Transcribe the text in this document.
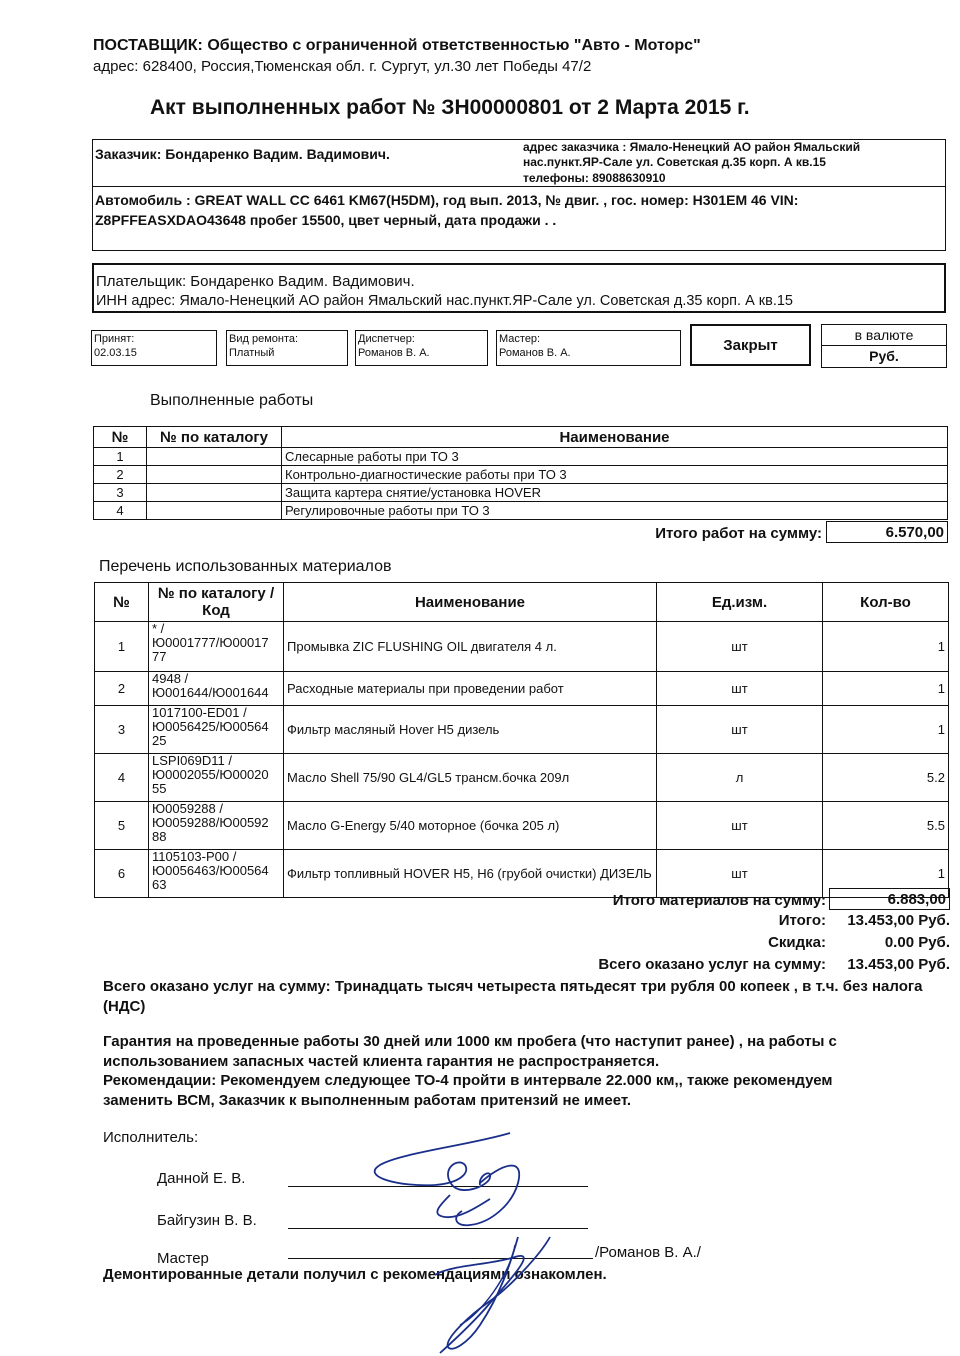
ПОСТАВЩИК: Общество с ограниченной ответственностью "Авто - Моторс"
адрес: 628400, Россия,Тюменская обл. г. Сургут, ул.30 лет Победы 47/2
Акт выполненных работ № ЗН00000801 от 2 Марта 2015 г.
Заказчик: Бондаренко Вадим. Вадимович.	адрес заказчика : Ямало-Ненецкий АО район Ямальский
нас.пункт.ЯР-Сале ул. Советская д.35 корп. А кв.15
телефоны: 89088630910
Автомобиль : GREAT WALL CC 6461 KM67(H5DM), год вып. 2013, № двиг. , гос. номер: Н301ЕМ 46 VIN:
Z8PFFEASXDAO43648 пробег 15500, цвет черный, дата продажи . .
Плательщик: Бондаренко Вадим. Вадимович.
ИНН адрес: Ямало-Ненецкий АО район Ямальский нас.пункт.ЯР-Сале ул. Советская д.35 корп. А кв.15
Принят:
02.03.15
Вид ремонта:
Платный
Диспетчер:
Романов В. А.
Мастер:
Романов В. А.	Закрыт
в валюте
Руб.
Выполненные работы
№	№ по каталогу	Наименование
1		Слесарные работы при ТО 3
2		Контрольно-диагностические работы при ТО 3
3		Защита картера снятие/установка HOVER
4		Регулировочные работы при ТО 3
Итого работ на сумму:	6.570,00
Перечень использованных материалов
№	№ по каталогу / Код	Наименование	Ед.изм.	Кол-во
1	* /
Ю0001777/Ю00017
77	Промывка ZIC FLUSHING OIL двигателя 4 л.	шт	1
2	4948 /
Ю001644/Ю001644	Расходные материалы при проведении работ	шт	1
3	1017100-ED01 /
Ю0056425/Ю00564
25	Фильтр масляный Hover H5 дизель	шт	1
4	LSPI069D11 /
Ю0002055/Ю00020
55	Масло Shell 75/90 GL4/GL5 трансм.бочка 209л	л	5.2
5	Ю0059288 /
Ю0059288/Ю00592
88	Масло G-Energy 5/40 моторное (бочка 205 л)	шт	5.5
6	1105103-P00 /
Ю0056463/Ю00564
63	Фильтр топливный HOVER H5, H6 (грубой очистки) ДИЗЕЛЬ	шт	1
Итого материалов на сумму:	6.883,00
Итого:	13.453,00 Руб.
Скидка:	0.00 Руб.
Всего оказано услуг на сумму:	13.453,00 Руб.
Всего оказано услуг на сумму: Тринадцать тысяч четыреста пятьдесят три рубля 00 копеек , в т.ч. без налога (НДС)
Гарантия на проведенные работы 30 дней или 1000 км пробега (что наступит ранее) , на работы с использованием запасных частей клиента гарантия не распространяется.
Рекомендации: Рекомендуем следующее ТО-4 пройти в интервале 22.000 км,, также рекомендуем заменить ВСМ, Заказчик к выполненным работам притензий не имеет.
Исполнитель:
Данной Е. В.
Байгузин В. В.
Мастер	/Романов В. А./
Демонтированные детали получил с рекомендациями ознакомлен.
